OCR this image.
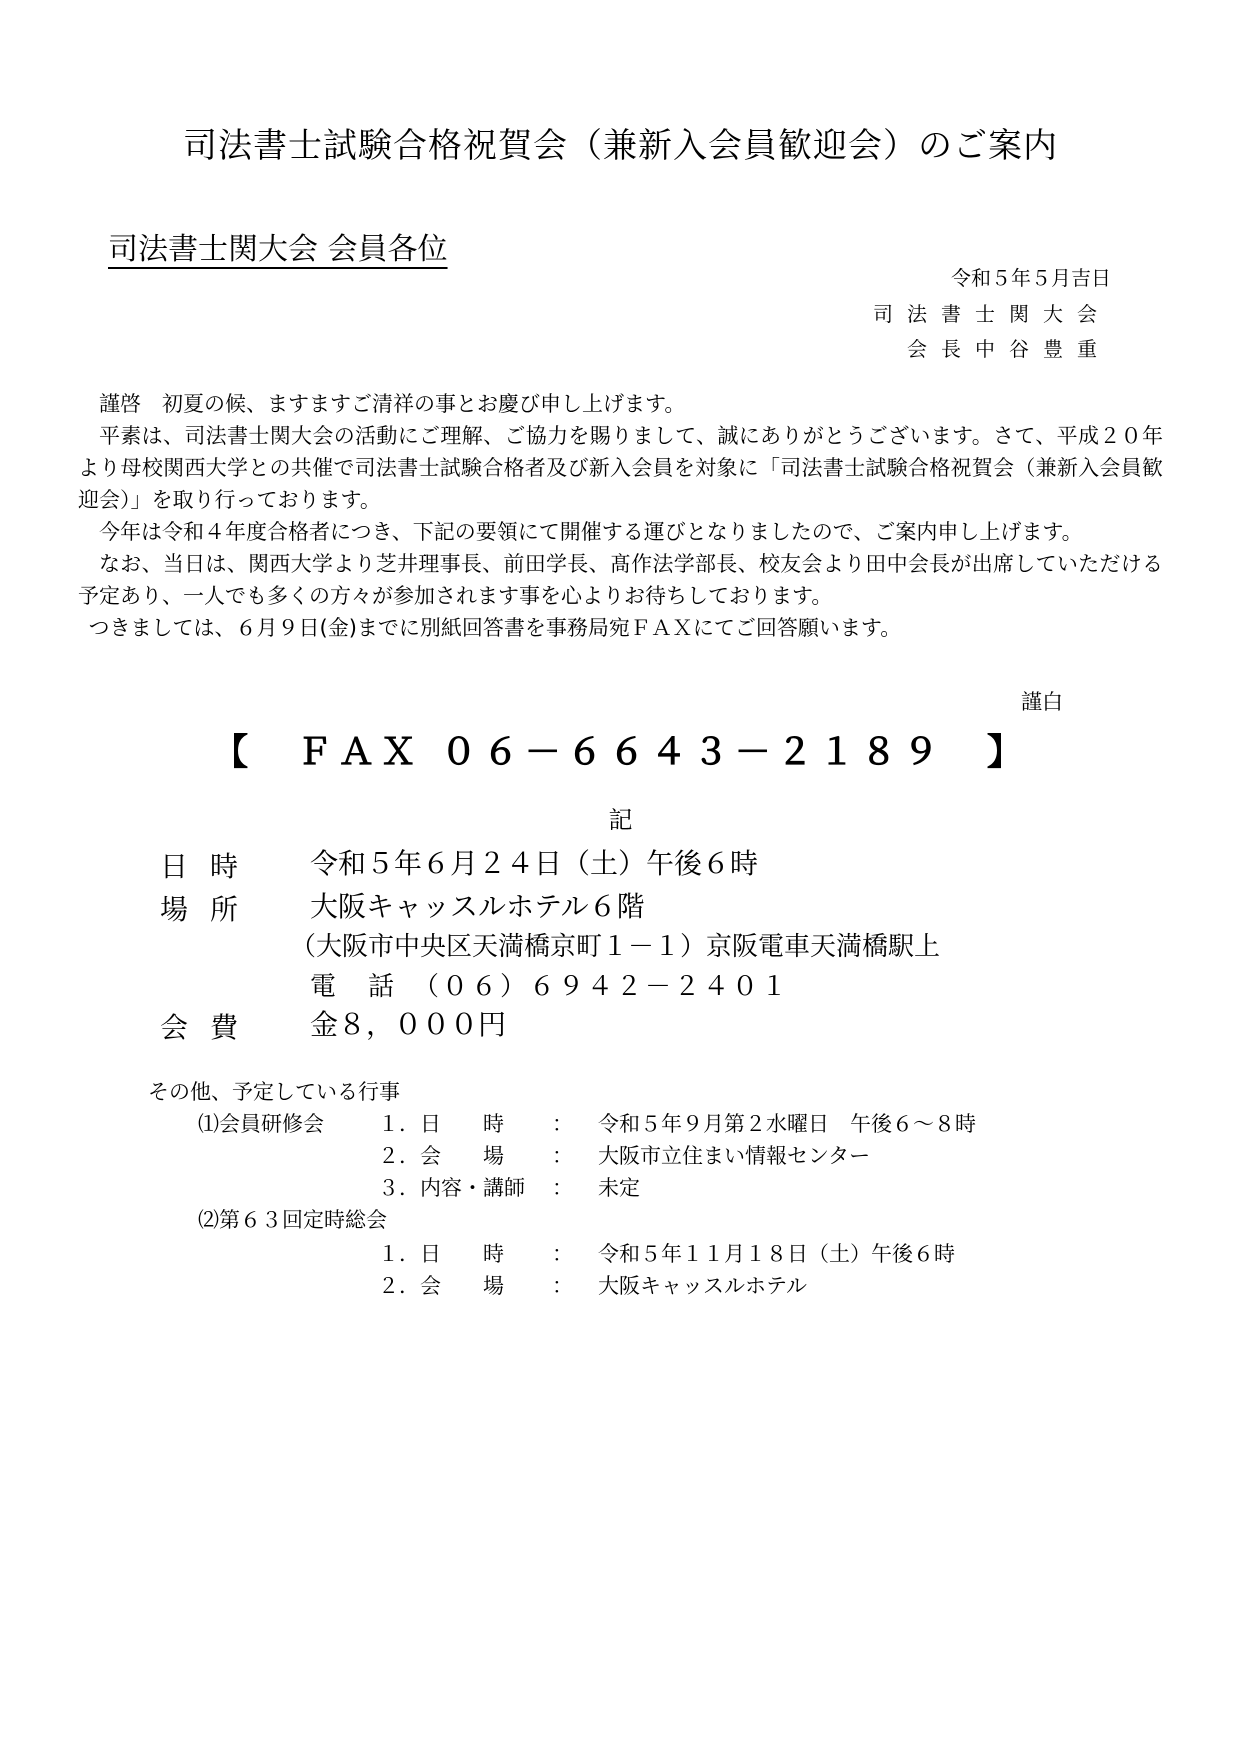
司法書士試験合格祝賀会（兼新入会員歓迎会）のご案内
司法書士関大会 会員各位
令和５年５月吉日
司法書士関大会
会長中谷豊重

謹啓　初夏の候、ますますご清祥の事とお慶び申し上げます。

平素は、司法書士関大会の活動にご理解、ご協力を賜りまして、誠にありがとうございます。さて、平成２０年より母校関西大学との共催で司法書士試験合格者及び新入会員を対象に「司法書士試験合格祝賀会（兼新入会員歓迎会）」を取り行っております。

今年は令和４年度合格者につき、下記の要領にて開催する運びとなりましたので、ご案内申し上げます。

なお、当日は、関西大学より芝井理事長、前田学長、髙作法学部長、校友会より田中会長が出席していただける予定あり、一人でも多くの方々が参加されます事を心よりお待ちしております。

つきましては、６月９日(金)までに別紙回答書を事務局宛ＦＡＸにてご回答願います。

謹白
【　ＦＡＸ ０６－６６４３－２１８９　】
記
日時 令和５年６月２４日（土）午後６時
場所 大阪キャッスルホテル６階
（大阪市中央区天満橋京町１－１）京阪電車天満橋駅上
電　話　（０６）６９４２－２４０１
会費 金８，０００円
その他、予定している行事
⑴会員研修会	１．日　　時 ： 令和５年９月第２水曜日　午後６～８時
２．会　　場 ： 大阪市立住まい情報センター
３．内容・講師 ： 未定
⑵第６３回定時総会
１．日　　時 ： 令和５年１１月１８日（土）午後６時
２．会　　場 ： 大阪キャッスルホテル
